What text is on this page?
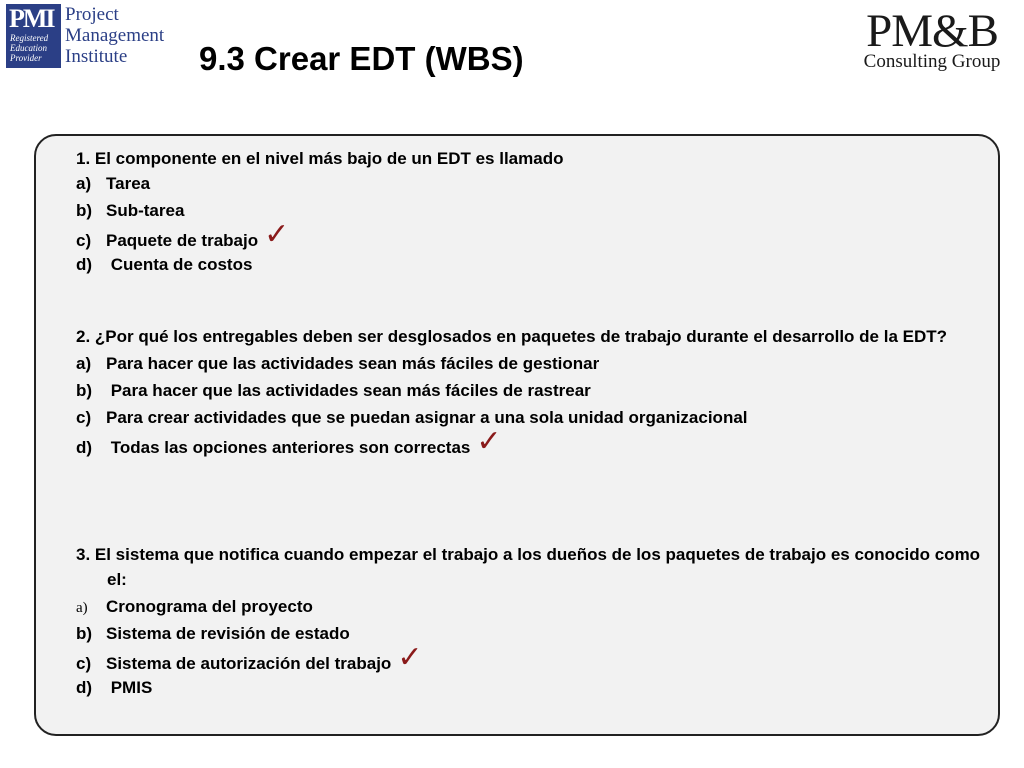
PMI
Registered
Education
Provider
Project
Management
Institute	9.3 Crear EDT (WBS)
PM&B
Consulting Group
1. El componente en el nivel más bajo de un EDT es llamado
a) Tarea
b) Sub-tarea
c) Paquete de trabajo ✓
d) Cuenta de costos
2. ¿Por qué los entregables deben ser desglosados en paquetes de trabajo durante el desarrollo de la EDT?
a) Para hacer que las actividades sean más fáciles de gestionar
b) Para hacer que las actividades sean más fáciles de rastrear
c) Para crear actividades que se puedan asignar a una sola unidad organizacional
d) Todas las opciones anteriores son correctas ✓
3. El sistema que notifica cuando empezar el trabajo a los dueños de los paquetes de trabajo es conocido como el:
a) Cronograma del proyecto
b) Sistema de revisión de estado
c) Sistema de autorización del trabajo ✓
d) PMIS
